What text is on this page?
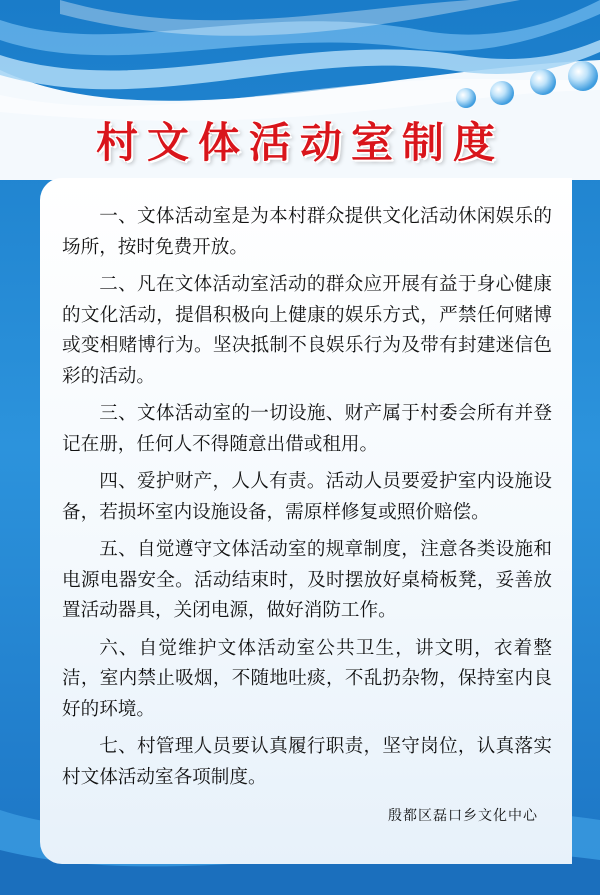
村文体活动室制度

一、文体活动室是为本村群众提供文化活动休闲娱乐的场所，按时免费开放。

二、凡在文体活动室活动的群众应开展有益于身心健康的文化活动，提倡积极向上健康的娱乐方式，严禁任何赌博或变相赌博行为。坚决抵制不良娱乐行为及带有封建迷信色彩的活动。

三、文体活动室的一切设施、财产属于村委会所有并登记在册，任何人不得随意出借或租用。

四、爱护财产，人人有责。活动人员要爱护室内设施设备，若损坏室内设施设备，需原样修复或照价赔偿。

五、自觉遵守文体活动室的规章制度，注意各类设施和电源电器安全。活动结束时，及时摆放好桌椅板凳，妥善放置活动器具，关闭电源，做好消防工作。

六、自觉维护文体活动室公共卫生，讲文明，衣着整洁，室内禁止吸烟，不随地吐痰，不乱扔杂物，保持室内良好的环境。

七、村管理人员要认真履行职责，坚守岗位，认真落实村文体活动室各项制度。

殷都区磊口乡文化中心
